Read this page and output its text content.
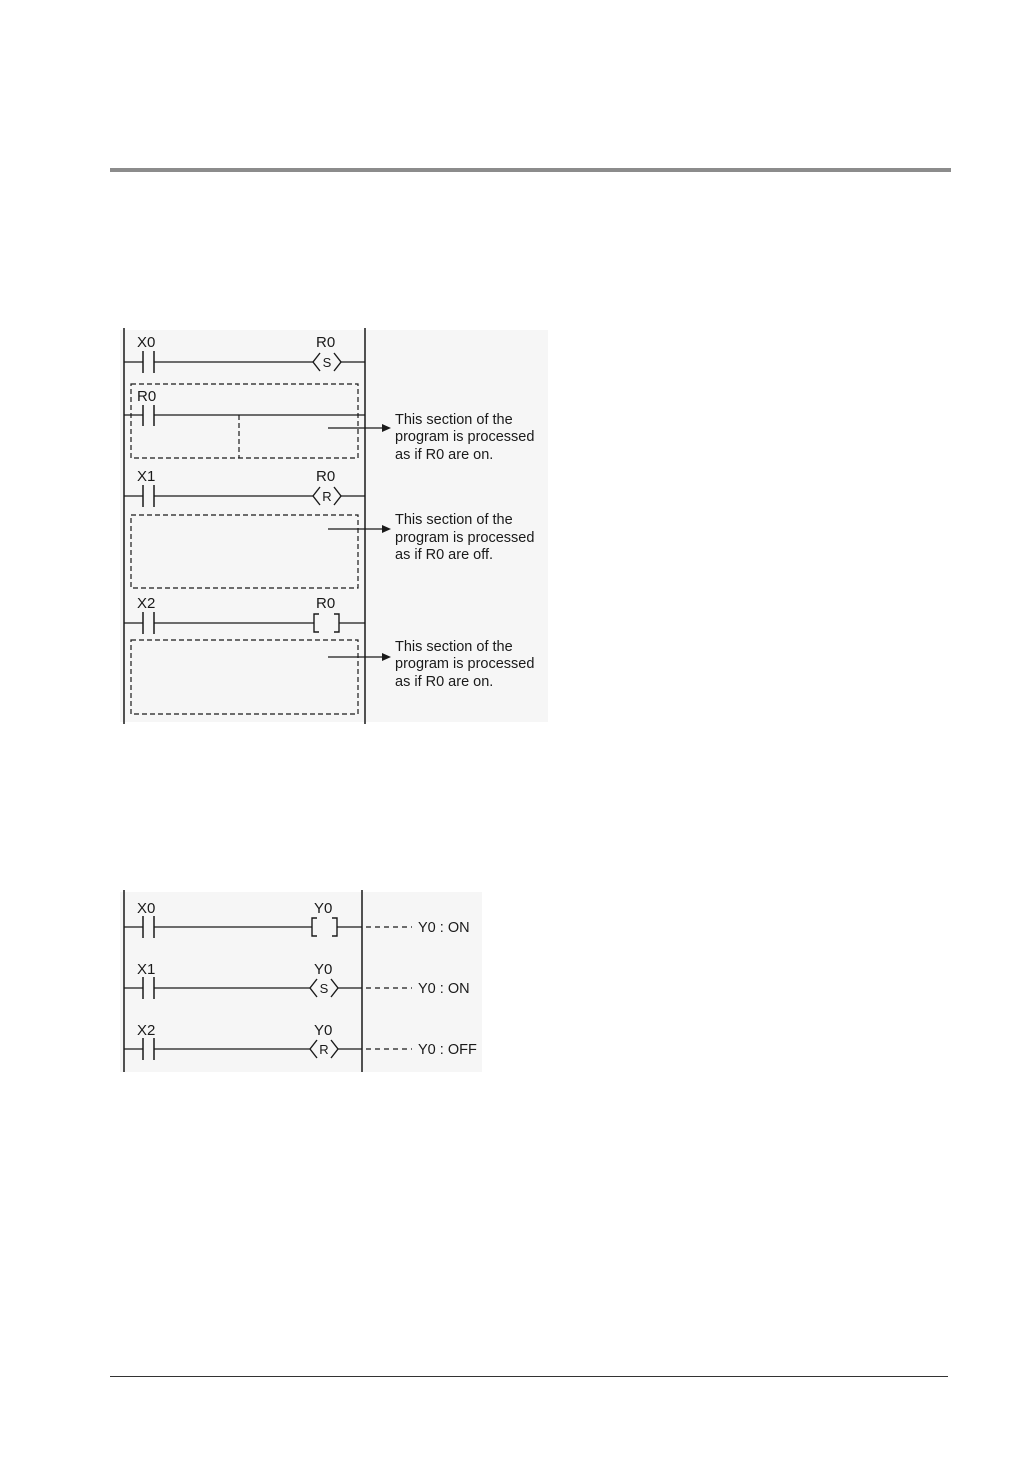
X0	R0
S
R0
X1	R0
R
X2	R0
This section of the
program is processed
as if R0 are on.
This section of the
program is processed
as if R0 are off.
This section of the
program is processed
as if R0 are on.
X0	Y0
Y0 : ON
X1	Y0
S	Y0 : ON
X2	Y0
R	Y0 : OFF
